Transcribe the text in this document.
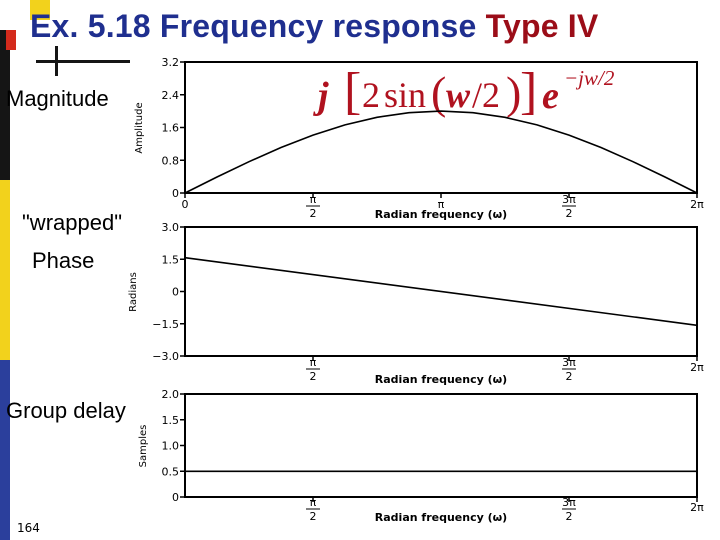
Ex. 5.18 Frequency response Type IV
j [ 2 sin ( w /2 )
] e −jw/2
Magnitude
"wrapped"
Phase
Group delay
164
0
0.8
1.6
2.4
3.2
0	π
2
π	3π
2
2π
Radian frequency (ω)
Amplitude
3.0
1.5
0
−1.5
−3.0	π
2
3π
2
2π
Radian frequency (ω)
Radians
2.0
1.5
1.0
0.5
0	π
2
3π
2
2π
Radian frequency (ω)
Samples
